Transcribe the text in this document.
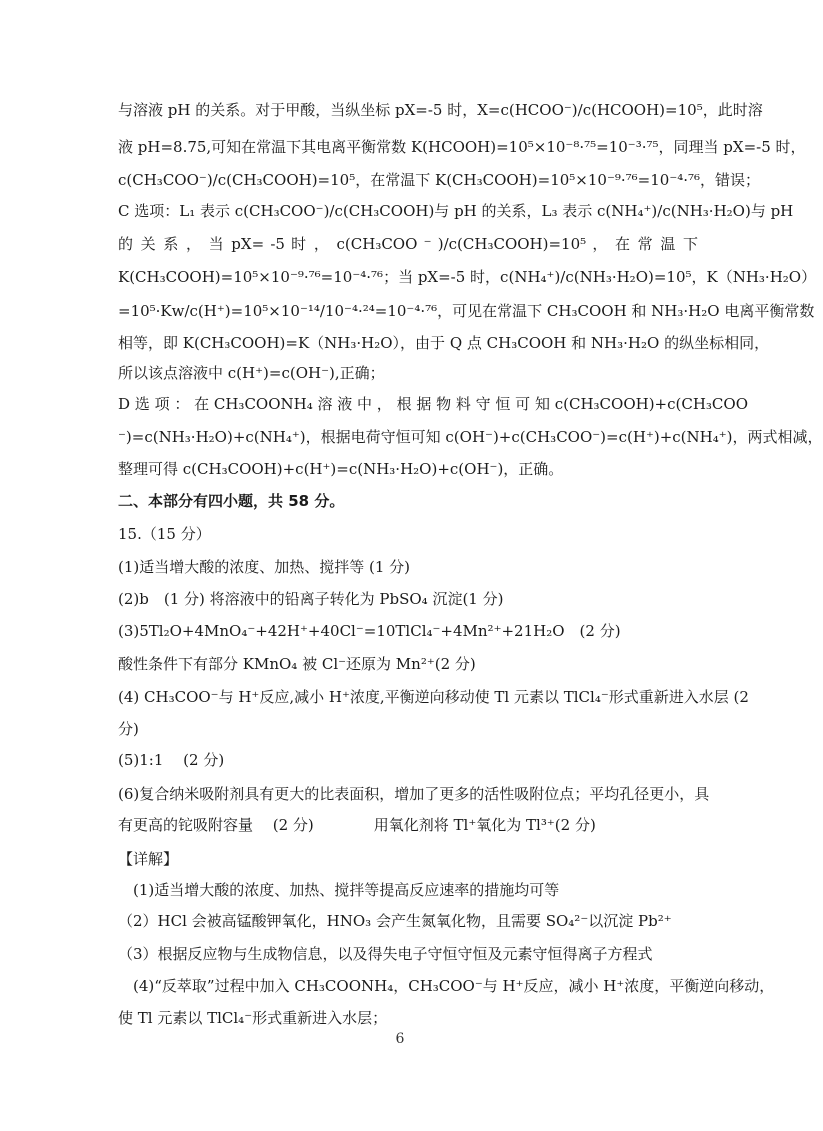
与溶液 pH 的关系。对于甲酸，当纵坐标 pX=-5 时，X=c(HCOO⁻)/c(HCOOH)=10⁵，此时溶
液 pH=8.75,可知在常温下其电离平衡常数 K(HCOOH)=10⁵×10⁻⁸·⁷⁵=10⁻³·⁷⁵，同理当 pX=-5 时，
c(CH₃COO⁻)/c(CH₃COOH)=10⁵，在常温下 K(CH₃COOH)=10⁵×10⁻⁹·⁷⁶=10⁻⁴·⁷⁶，错误；
C 选项：L₁ 表示 c(CH₃COO⁻)/c(CH₃COOH)与 pH 的关系，L₃ 表示 c(NH₄⁺)/c(NH₃·H₂O)与 pH
的 关 系 ， 当 pX= -5 时 ， c(CH₃COO ⁻ )/c(CH₃COOH)=10⁵ ， 在 常 温 下
K(CH₃COOH)=10⁵×10⁻⁹·⁷⁶=10⁻⁴·⁷⁶；当 pX=-5 时，c(NH₄⁺)/c(NH₃·H₂O)=10⁵，K（NH₃·H₂O）
=10⁵·Kw/c(H⁺)=10⁵×10⁻¹⁴/10⁻⁴·²⁴=10⁻⁴·⁷⁶，可见在常温下 CH₃COOH 和 NH₃·H₂O 电离平衡常数
相等，即 K(CH₃COOH)=K（NH₃·H₂O），由于 Q 点 CH₃COOH 和 NH₃·H₂O 的纵坐标相同，
所以该点溶液中 c(H⁺)=c(OH⁻),正确；
D 选 项 ： 在 CH₃COONH₄ 溶 液 中 ， 根 据 物 料 守 恒 可 知 c(CH₃COOH)+c(CH₃COO
⁻)=c(NH₃·H₂O)+c(NH₄⁺)，根据电荷守恒可知 c(OH⁻)+c(CH₃COO⁻)=c(H⁺)+c(NH₄⁺)，两式相减，
整理可得 c(CH₃COOH)+c(H⁺)=c(NH₃·H₂O)+c(OH⁻)，正确。
二、本部分有四小题，共 58 分。
15.（15 分）
(1)适当增大酸的浓度、加热、搅拌等 (1 分)
(2)b　(1 分) 将溶液中的铅离子转化为 PbSO₄ 沉淀(1 分)
(3)5Tl₂O+4MnO₄⁻+42H⁺+40Cl⁻=10TlCl₄⁻+4Mn²⁺+21H₂O　(2 分)
酸性条件下有部分 KMnO₄ 被 Cl⁻还原为 Mn²⁺(2 分)
(4) CH₃COO⁻与 H⁺反应,减小 H⁺浓度,平衡逆向移动使 Tl 元素以 TlCl₄⁻形式重新进入水层 (2
分)
(5)1:1　 (2 分)
(6)复合纳米吸附剂具有更大的比表面积，增加了更多的活性吸附位点；平均孔径更小，具
有更高的铊吸附容量　 (2 分)　　　　用氧化剂将 Tl⁺氧化为 Tl³⁺(2 分)
【详解】
　(1)适当增大酸的浓度、加热、搅拌等提高反应速率的措施均可等
（2）HCl 会被高锰酸钾氧化，HNO₃ 会产生氮氧化物，且需要 SO₄²⁻以沉淀 Pb²⁺
（3）根据反应物与生成物信息，以及得失电子守恒守恒及元素守恒得离子方程式
　(4)“反萃取”过程中加入 CH₃COONH₄，CH₃COO⁻与 H⁺反应，减小 H⁺浓度，平衡逆向移动，
使 Tl 元素以 TlCl₄⁻形式重新进入水层；
6
